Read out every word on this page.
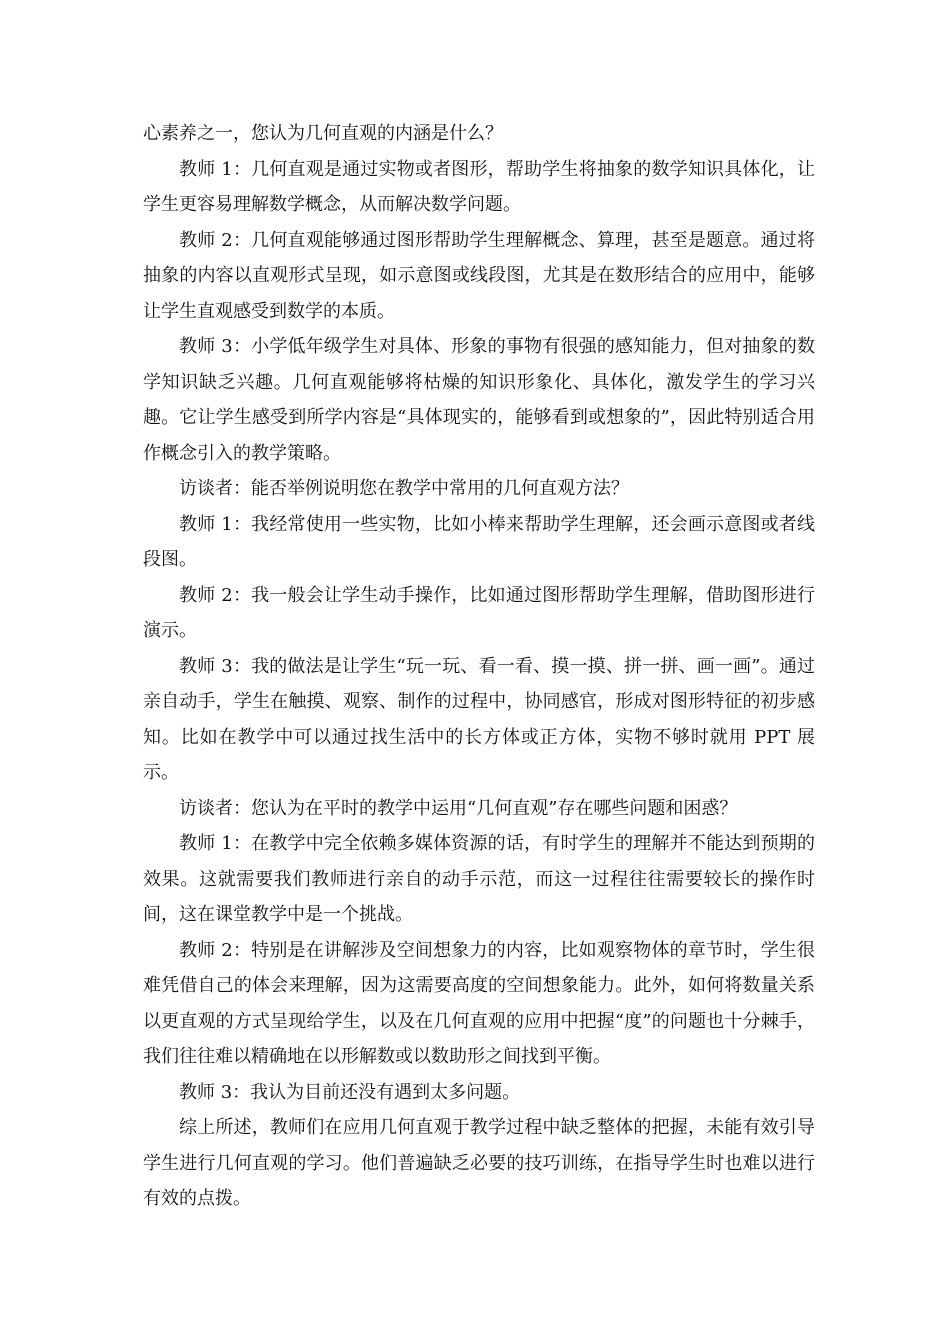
心素养之一，您认为几何直观的内涵是什么？

教师 1：几何直观是通过实物或者图形，帮助学生将抽象的数学知识具体化，让学生更容易理解数学概念，从而解决数学问题。

教师 2：几何直观能够通过图形帮助学生理解概念、算理，甚至是题意。通过将抽象的内容以直观形式呈现，如示意图或线段图，尤其是在数形结合的应用中，能够让学生直观感受到数学的本质。

教师 3：小学低年级学生对具体、形象的事物有很强的感知能力，但对抽象的数学知识缺乏兴趣。几何直观能够将枯燥的知识形象化、具体化，激发学生的学习兴趣。它让学生感受到所学内容是“具体现实的，能够看到或想象的”，因此特别适合用作概念引入的教学策略。

访谈者：能否举例说明您在教学中常用的几何直观方法？

教师 1：我经常使用一些实物，比如小棒来帮助学生理解，还会画示意图或者线段图。

教师 2：我一般会让学生动手操作，比如通过图形帮助学生理解，借助图形进行演示。

教师 3：我的做法是让学生“玩一玩、看一看、摸一摸、拼一拼、画一画”。通过亲自动手，学生在触摸、观察、制作的过程中，协同感官，形成对图形特征的初步感知。比如在教学中可以通过找生活中的长方体或正方体，实物不够时就用 PPT 展示。

访谈者：您认为在平时的教学中运用“几何直观”存在哪些问题和困惑？

教师 1：在教学中完全依赖多媒体资源的话，有时学生的理解并不能达到预期的效果。这就需要我们教师进行亲自的动手示范，而这一过程往往需要较长的操作时间，这在课堂教学中是一个挑战。

教师 2：特别是在讲解涉及空间想象力的内容，比如观察物体的章节时，学生很难凭借自己的体会来理解，因为这需要高度的空间想象能力。此外，如何将数量关系以更直观的方式呈现给学生，以及在几何直观的应用中把握“度”的问题也十分棘手，我们往往难以精确地在以形解数或以数助形之间找到平衡。

教师 3：我认为目前还没有遇到太多问题。

综上所述，教师们在应用几何直观于教学过程中缺乏整体的把握，未能有效引导学生进行几何直观的学习。他们普遍缺乏必要的技巧训练，在指导学生时也难以进行有效的点拨。
